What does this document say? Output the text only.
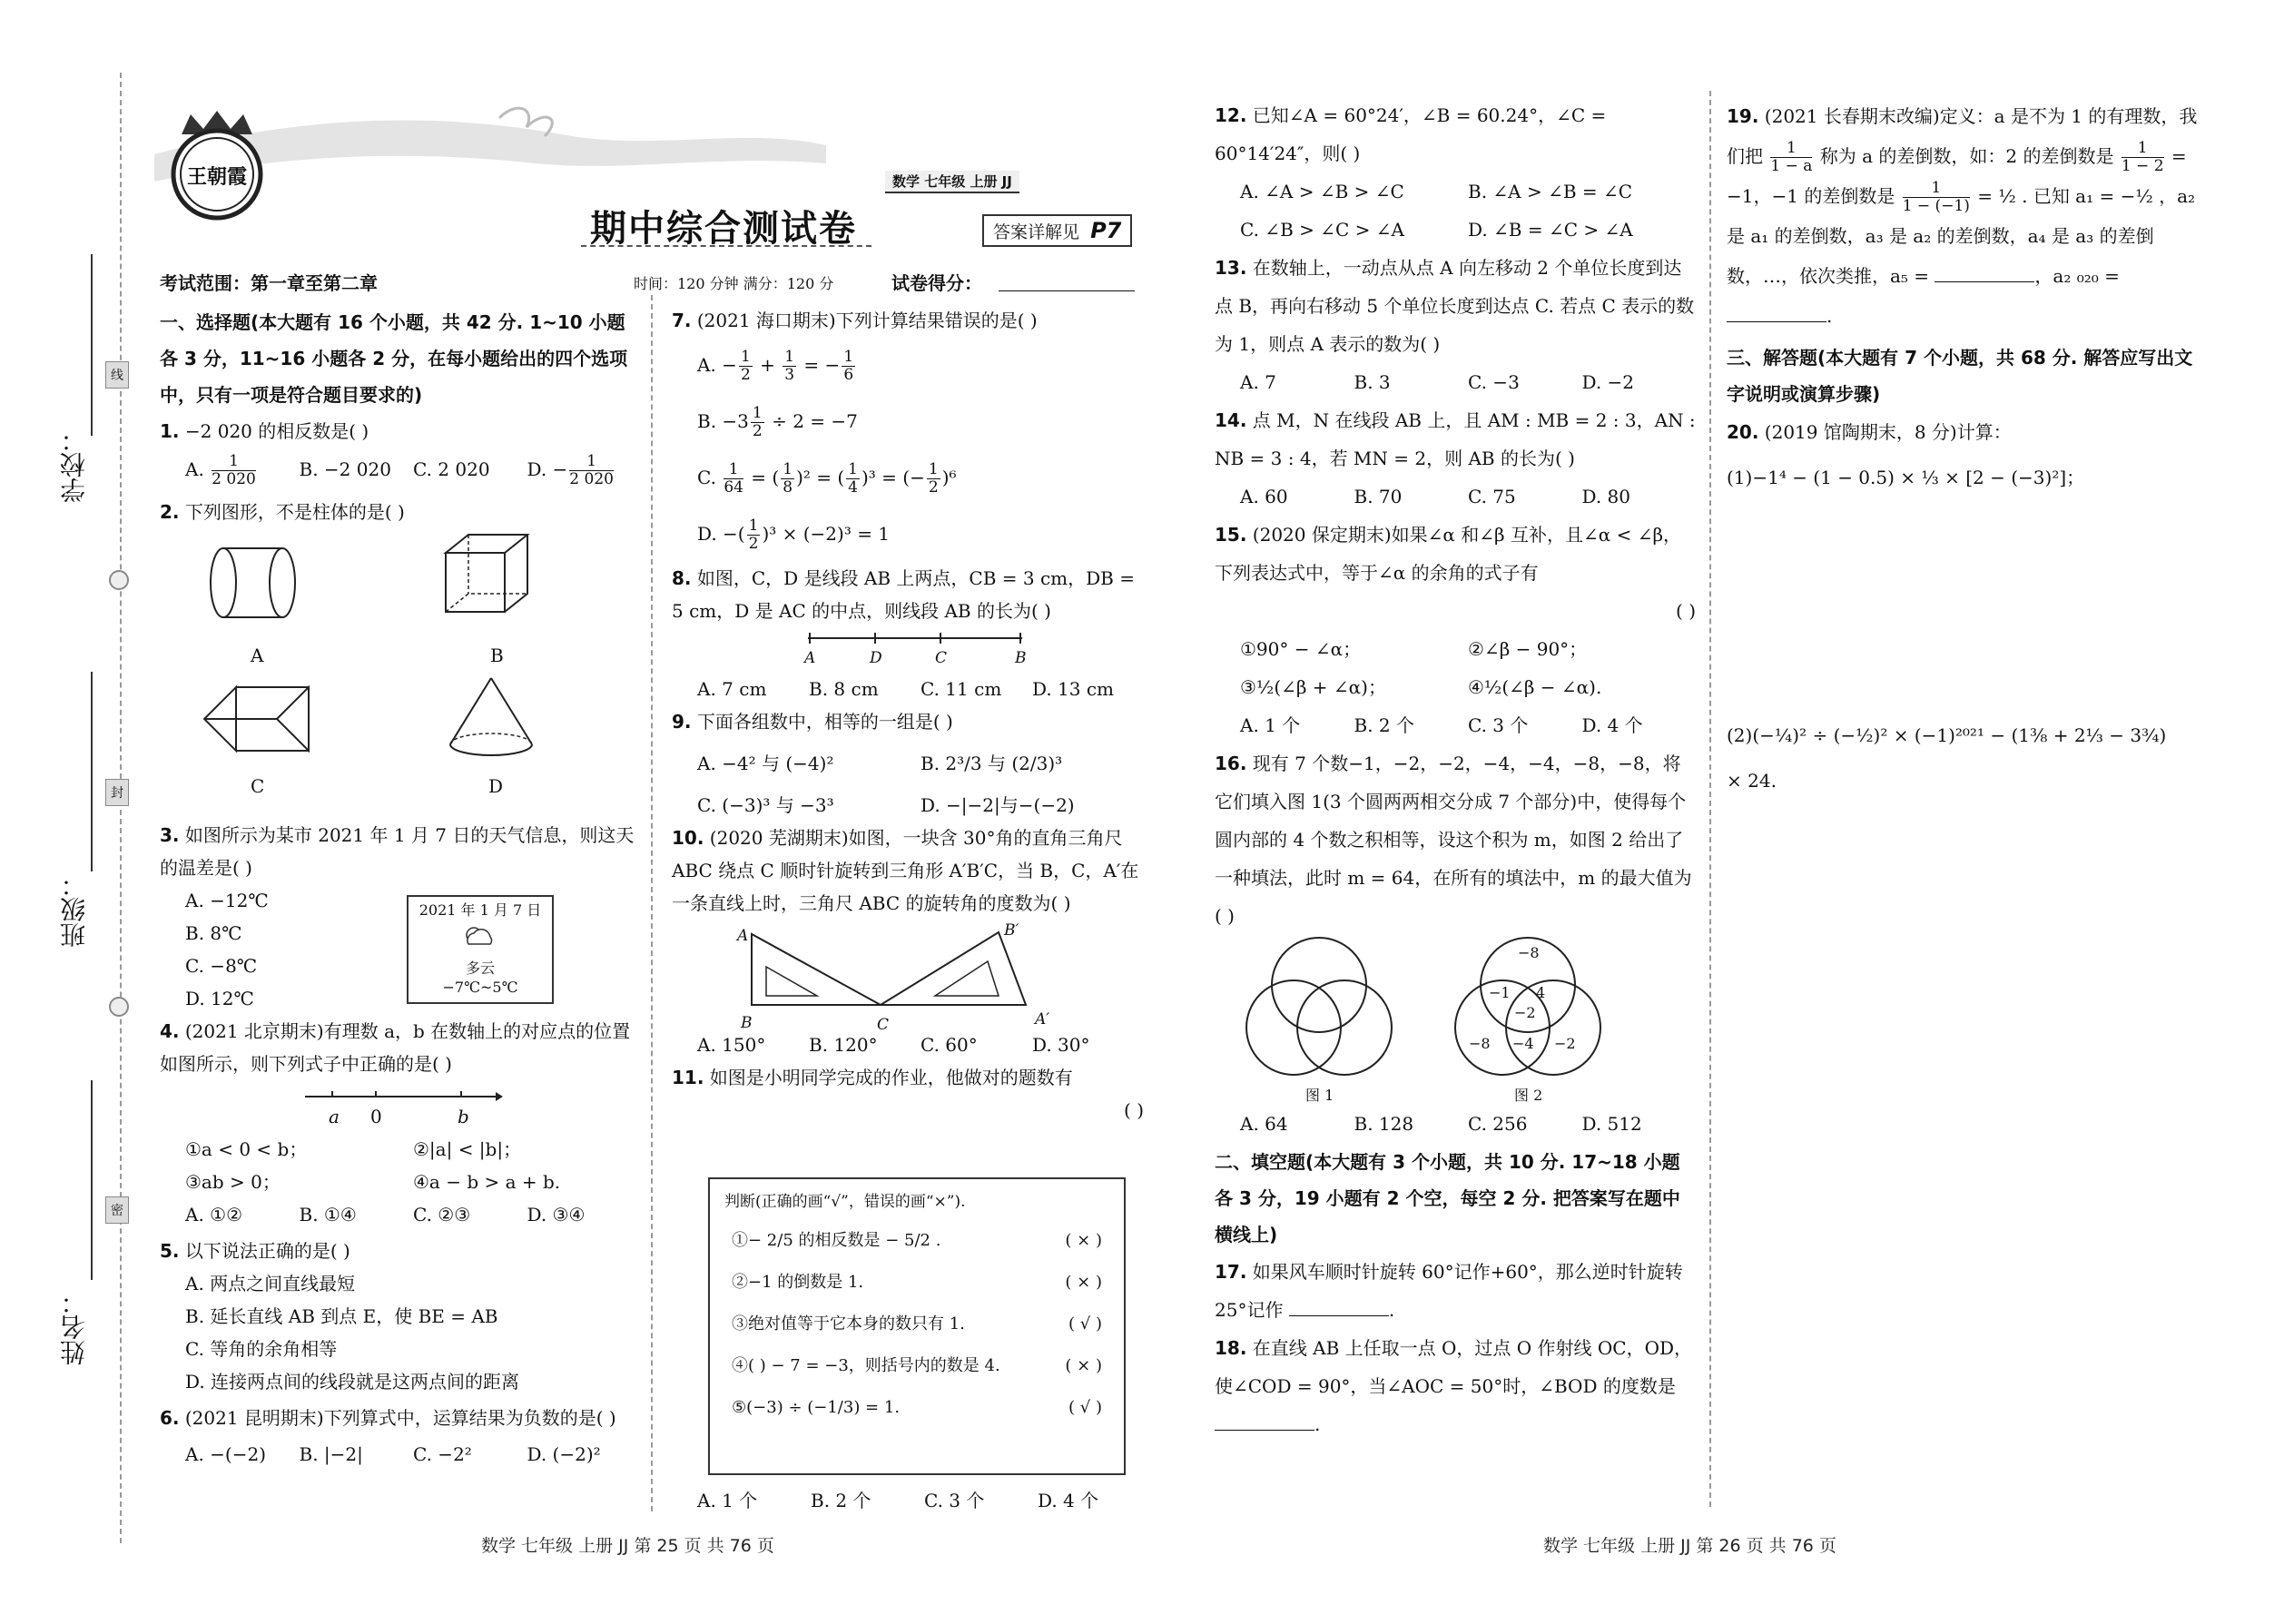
学校：
班级：
姓名：
线
封
密
王朝霞	数学 七年级 上册 JJ
期中综合测试卷	答案详解见 P7
考试范围：第一章至第二章	时间：120 分钟 满分：120 分	试卷得分：
一、选择题(本大题有 16 个小题，共 42 分. 1~10 小题各 3 分，11~16 小题各 2 分，在每小题给出的四个选项中，只有一项是符合题目要求的)
1. −2 020 的相反数是( )
A. $\frac{1}{2 020} B$. −2 020	C. 2 020	D. − $\frac{1}{2 020}$
2. 下列图形，不是柱体的是( )
A	B
C	D
3. 如图所示为某市 2021 年 1 月 7 日的天气信息，则这天的温差是( )
A. −12℃
B. 8℃
C. −8℃
D. 12℃
2021 年 1 月 7 日
多云
−7℃~5℃
4. (2021 北京期末)有理数 a，b 在数轴上的对应点的位置如图所示，则下列式子中正确的是( )
a 0	b
①a < 0 < b；	②|a| < |b|；
③ab > 0；	④a − b > a + b.
A. ①②	B. ①④	C. ②③	D. ③④
5. 以下说法正确的是( )
A. 两点之间直线最短
B. 延长直线 AB 到点 E，使 BE = AB
C. 等角的余角相等
D. 连接两点间的线段就是这两点间的距离
6. (2021 昆明期末)下列算式中，运算结果为负数的是( )
A. −(−2)	B. |−2|	C. −2²	D. (−2)²
7. (2021 海口期末)下列计算结果错误的是( )
A. − $\frac{1}{2} + \frac{1}{3}$ = − $\frac{1}{6}$
B. $-3 \frac{1}{2} \div 2 = -7$
C. $\frac{1}{64}$ = ( $\frac{1}{8} )^2$ = ( $\frac{1}{4} )^3$ = (− $\frac{1}{2} )^6$
D. −( $\frac{1}{2} )^3 \times (-2)^3 = 1$
8. 如图，C，D 是线段 AB 上两点，CB = 3 cm，DB = 5 cm，D 是 AC 的中点，则线段 AB 的长为( )
A	D	C	B
A. 7 cm	B. 8 cm	C. 11 cm	D. 13 cm
9. 下面各组数中，相等的一组是( )
A. −4² 与 (−4)²	B. 2³/3 与 (2/3)³
C. (−3)³ 与 −3³	D. −|−2|与−(−2)
10. (2020 芜湖期末)如图，一块含 30°角的直角三角尺 ABC 绕点 C 顺时针旋转到三角形 A′B′C，当 B，C，A′在一条直线上时，三角尺 ABC 的旋转角的度数为( )
A
B	C
B′
A′
A. 150°	B. 120°	C. 60°	D. 30°
11. 如图是小明同学完成的作业，他做对的题数有
( )
判断(正确的画“√”，错误的画“×”).
①− 2/5 的相反数是 − 5/2 .	( × )
②−1 的倒数是 1.	( × )
③绝对值等于它本身的数只有 1.	( √ )
④( ) − 7 = −3，则括号内的数是 4.	( × )
⑤(−3) ÷ (−1/3) = 1.	( √ )
A. 1 个	B. 2 个	C. 3 个	D. 4 个
12. 已知∠A = 60°24′，∠B = 60.24°，∠C = 60°14′24″，则( )
A. ∠A > ∠B > ∠C	B. ∠A > ∠B = ∠C
C. ∠B > ∠C > ∠A	D. ∠B = ∠C > ∠A
13. 在数轴上，一动点从点 A 向左移动 2 个单位长度到达点 B，再向右移动 5 个单位长度到达点 C. 若点 C 表示的数为 1，则点 A 表示的数为( )
A. 7	B. 3	C. −3	D. −2
14. 点 M，N 在线段 AB 上，且 AM : MB = 2 : 3，AN : NB = 3 : 4，若 MN = 2，则 AB 的长为( )
A. 60	B. 70	C. 75	D. 80
15. (2020 保定期末)如果∠α 和∠β 互补，且∠α < ∠β，下列表达式中，等于∠α 的余角的式子有
( )
①90° − ∠α；	②∠β − 90°；
③½(∠β + ∠α)；	④½(∠β − ∠α).
A. 1 个	B. 2 个	C. 3 个	D. 4 个
16. 现有 7 个数−1，−2，−2，−4，−4，−8，−8，将它们填入图 1(3 个圆两两相交分成 7 个部分)中，使得每个圆内部的 4 个数之积相等，设这个积为 m，如图 2 给出了一种填法，此时 m = 64，在所有的填法中，m 的最大值为( )
图 1
−8
−1 4
−2
−8 −4 −2
图 2
A. 64	B. 128	C. 256	D. 512
二、填空题(本大题有 3 个小题，共 10 分. 17~18 小题各 3 分，19 小题有 2 个空，每空 2 分. 把答案写在题中横线上)
17. 如果风车顺时针旋转 60°记作+60°，那么逆时针旋转 25°记作	.
18. 在直线 AB 上任取一点 O，过点 O 作射线 OC，OD，使∠COD = 90°，当∠AOC = 50°时，∠BOD 的度数是 .
19. (2021 长春期末改编)定义：a 是不为 1 的有理数，我们把 $\frac{1}{1 - a}$ 称为 a 的差倒数，如：2 的差倒数是 $\frac{1}{1 - 2} = -1$，−1 的差倒数是 $\frac{1}{1 - (-1)}$ = ½ . 已知 a₁ = −½ ，a₂ 是 a₁ 的差倒数，a₃ 是 a₂ 的差倒数，a₄ 是 a₃ 的差倒数，…，依次类推，a₅ =	，a₂ ₀₂₀ = .
三、解答题(本大题有 7 个小题，共 68 分. 解答应写出文字说明或演算步骤)
20. (2019 馆陶期末，8 分)计算：
(1)−1⁴ − (1 − 0.5) × ⅓ × [2 − (−3)²]；
(2)(−¼)² ÷ (−½)² × (−1)²⁰²¹ − (1⅜ + 2⅓ − 3¾)
× 24.
数学 七年级 上册 JJ 第 25 页 共 76 页	数学 七年级 上册 JJ 第 26 页 共 76 页
